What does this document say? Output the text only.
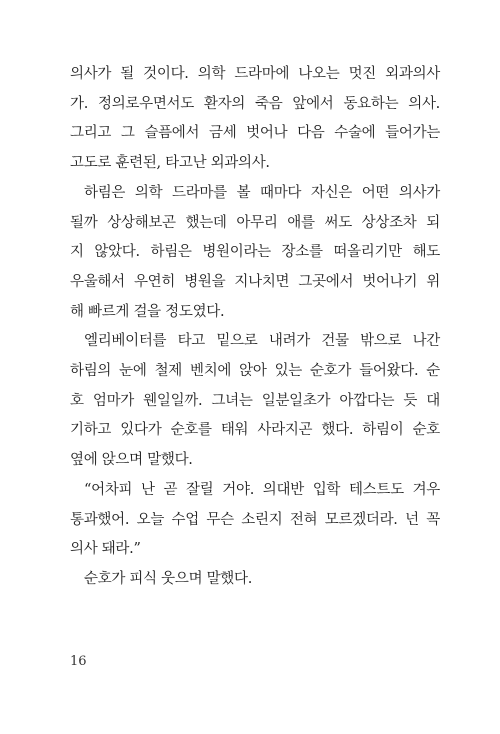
의사가 될 것이다. 의학 드라마에 나오는 멋진 외과의사
가. 정의로우면서도 환자의 죽음 앞에서 동요하는 의사.
그리고 그 슬픔에서 금세 벗어나 다음 수술에 들어가는
고도로 훈련된, 타고난 외과의사.
하림은 의학 드라마를 볼 때마다 자신은 어떤 의사가
될까 상상해보곤 했는데 아무리 애를 써도 상상조차 되
지 않았다. 하림은 병원이라는 장소를 떠올리기만 해도
우울해서 우연히 병원을 지나치면 그곳에서 벗어나기 위
해 빠르게 걸을 정도였다.
엘리베이터를 타고 밑으로 내려가 건물 밖으로 나간
하림의 눈에 철제 벤치에 앉아 있는 순호가 들어왔다. 순
호 엄마가 웬일일까. 그녀는 일분일초가 아깝다는 듯 대
기하고 있다가 순호를 태워 사라지곤 했다. 하림이 순호
옆에 앉으며 말했다.
“어차피 난 곧 잘릴 거야. 의대반 입학 테스트도 겨우
통과했어. 오늘 수업 무슨 소린지 전혀 모르겠더라. 넌 꼭
의사 돼라.”
순호가 피식 웃으며 말했다.
16
